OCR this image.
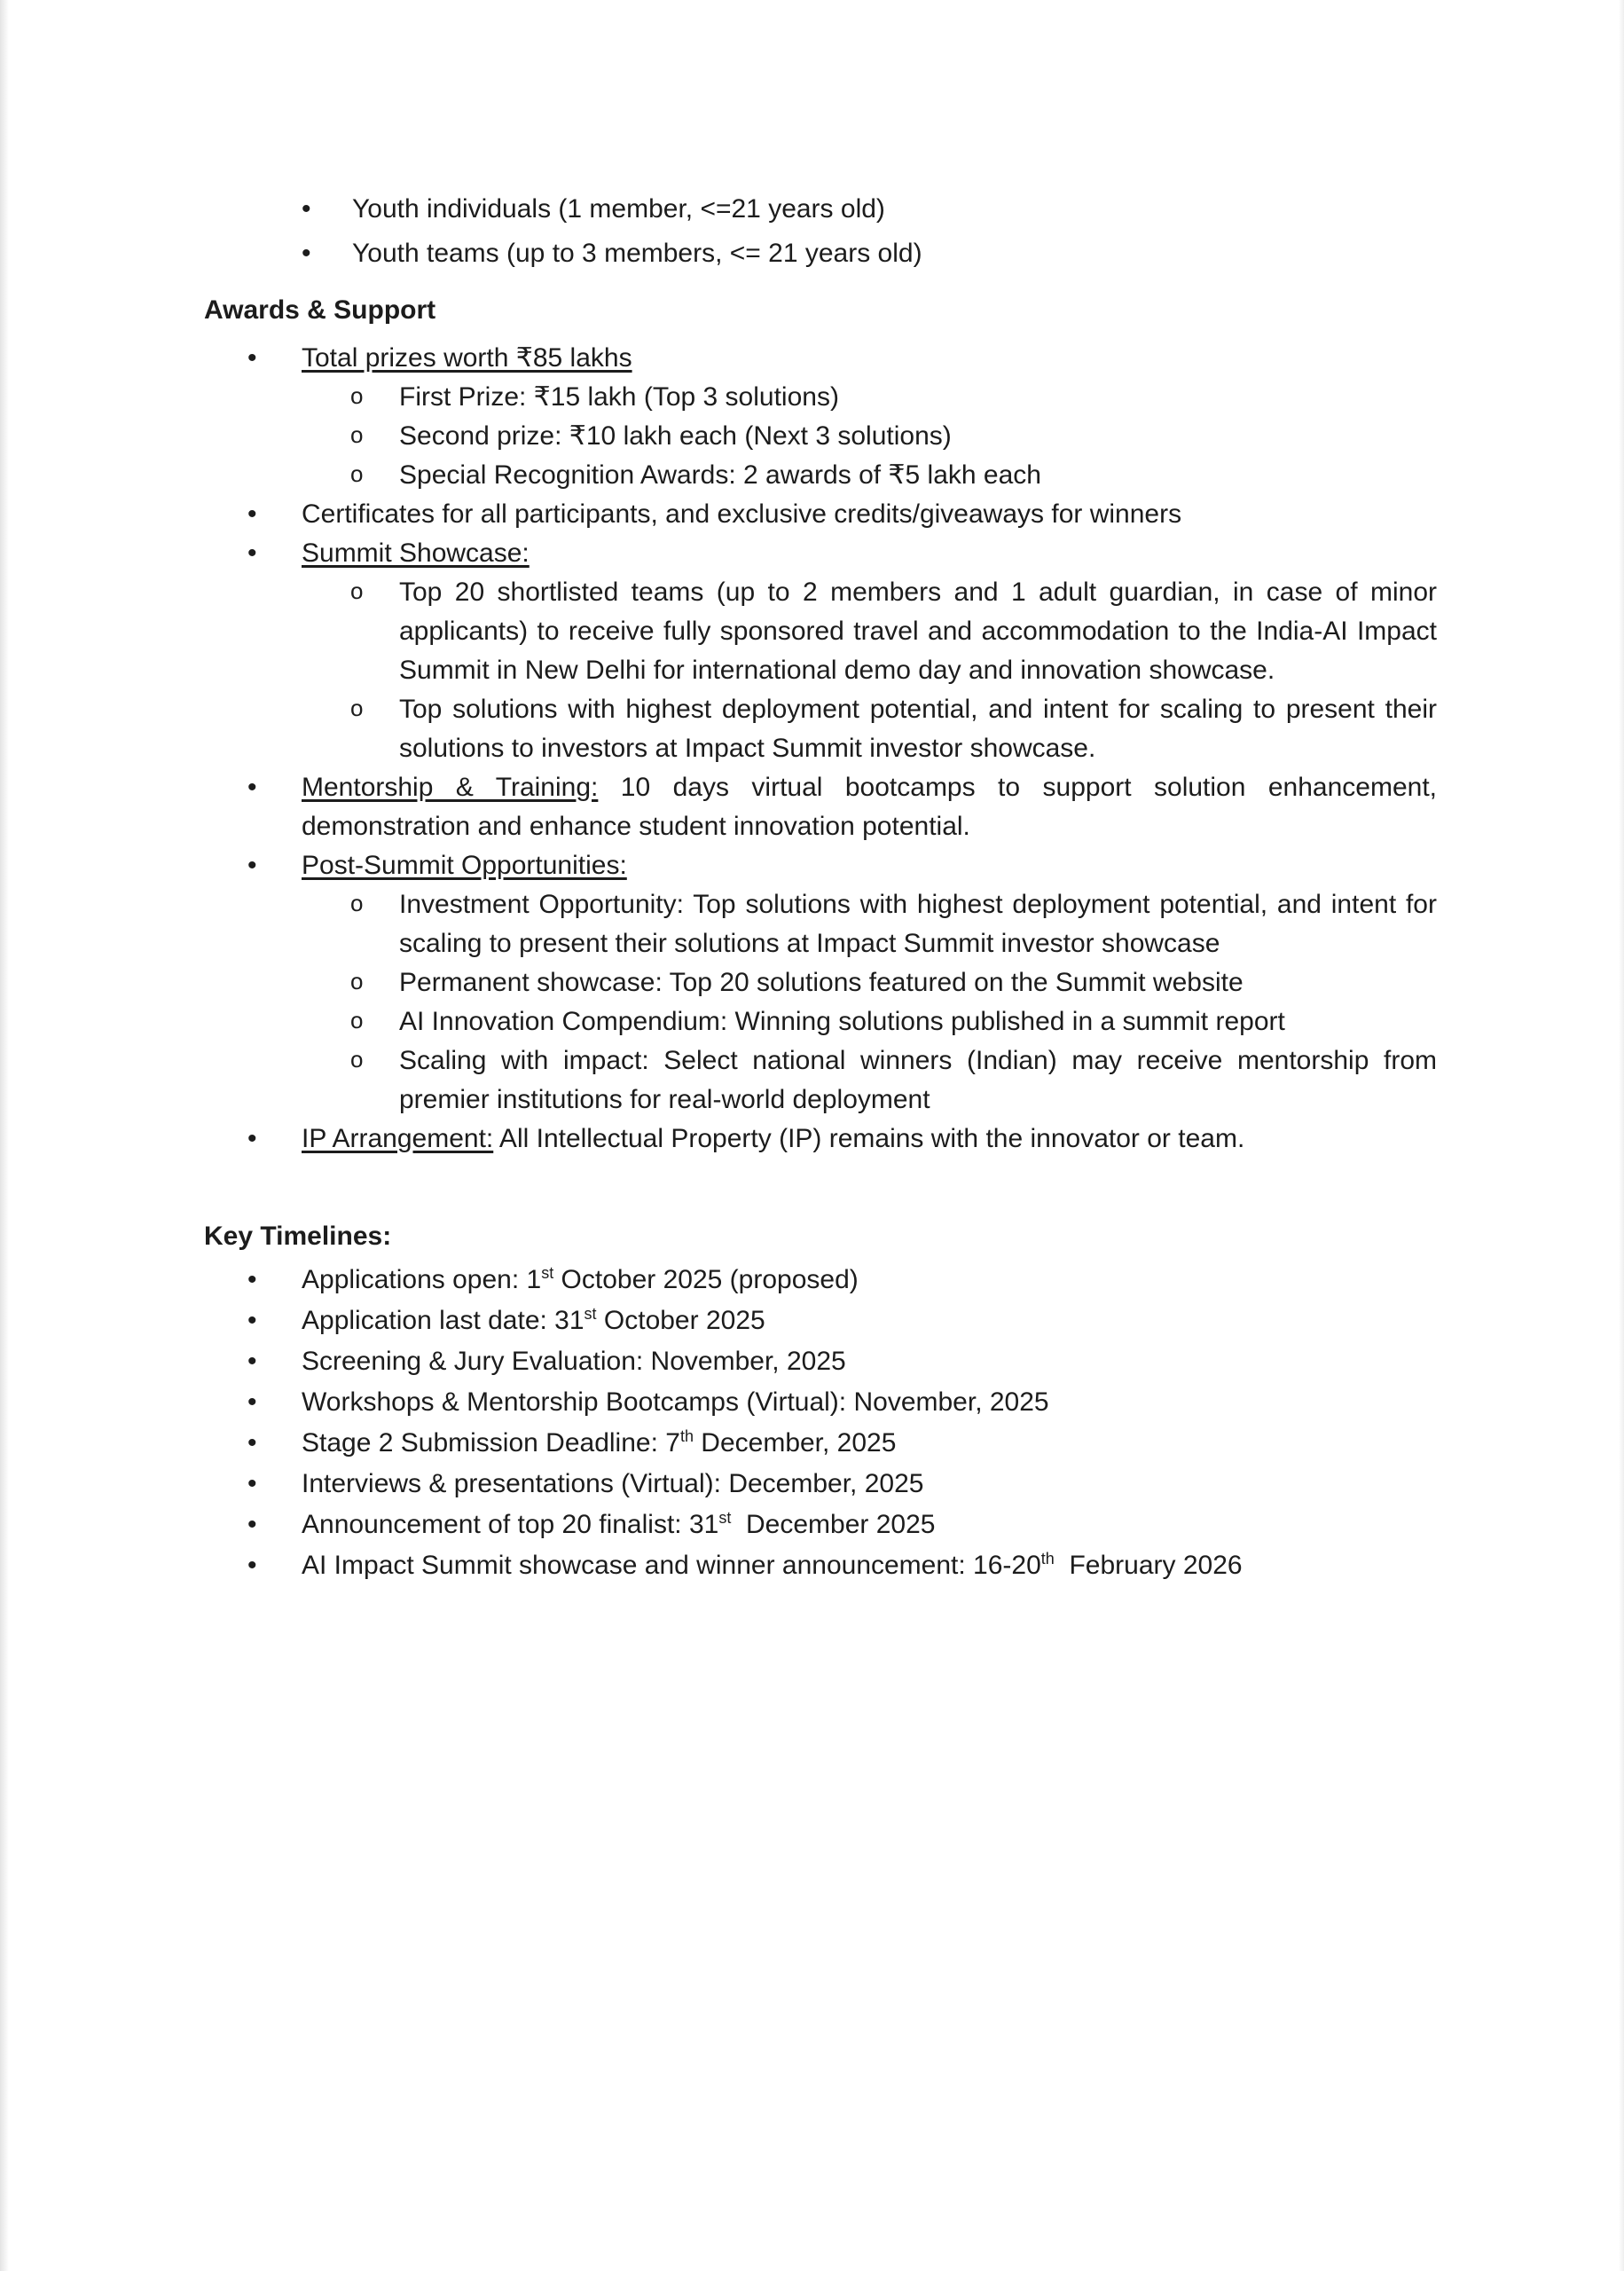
• Youth individuals (1 member, <=21 years old)
• Youth teams (up to 3 members, <= 21 years old)

Awards & Support

• Total prizes worth ₹85 lakhs
o First Prize: ₹15 lakh (Top 3 solutions)
o Second prize: ₹10 lakh each (Next 3 solutions)
o Special Recognition Awards: 2 awards of ₹5 lakh each
• Certificates for all participants, and exclusive credits/giveaways for winners
• Summit Showcase:
o Top 20 shortlisted teams (up to 2 members and 1 adult guardian, in case of minor applicants) to receive fully sponsored travel and accommodation to the India-AI Impact Summit in New Delhi for international demo day and innovation showcase.
o Top solutions with highest deployment potential, and intent for scaling to present their solutions to investors at Impact Summit investor showcase.
• Mentorship & Training: 10 days virtual bootcamps to support solution enhancement, demonstration and enhance student innovation potential.
• Post-Summit Opportunities:
o Investment Opportunity: Top solutions with highest deployment potential, and intent for scaling to present their solutions at Impact Summit investor showcase
o Permanent showcase: Top 20 solutions featured on the Summit website
o AI Innovation Compendium: Winning solutions published in a summit report
o Scaling with impact: Select national winners (Indian) may receive mentorship from premier institutions for real-world deployment
• IP Arrangement: All Intellectual Property (IP) remains with the innovator or team.

Key Timelines:

• Applications open: 1st October 2025 (proposed)
• Application last date: 31st October 2025
• Screening & Jury Evaluation: November, 2025
• Workshops & Mentorship Bootcamps (Virtual): November, 2025
• Stage 2 Submission Deadline: 7th December, 2025
• Interviews & presentations (Virtual): December, 2025
• Announcement of top 20 finalist: 31st  December 2025
• AI Impact Summit showcase and winner announcement: 16-20th  February 2026
